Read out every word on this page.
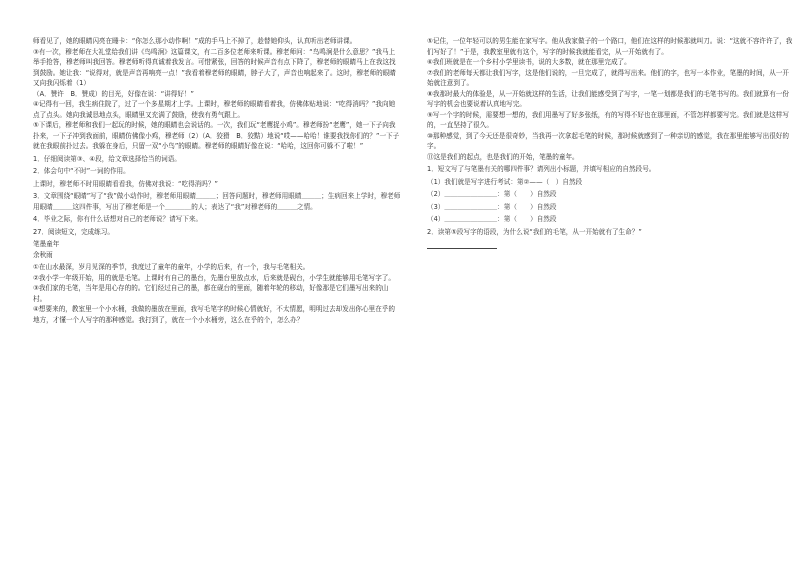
师看见了，她的眼睛闪亮在睡卡：“你怎么那小动作啊！”成的手马上不掉了，趁替她仰头，认真听出老师讲课。

③有一次，穆老师在大礼堂给我们讲《鸟鸣涧》这篇课文，有二百多位老师来听课。穆老师问：“鸟鸣涧是什么意思？”我马上举手抢答，穆老师叫我回答。穆老师听得真诚着我发言。可惜紧张，回答的时候声音有点下降了，穆老师的眼睛马上在我这找到鼓励。她让我：“说得对，就是声音再响亮一点！”我看着穆老师的眼睛，脖子大了，声音也响起来了。这时，穆老师的眼睛又向我闪烁着（1）

（A．赞许　B．赞成）的目光，好像在说：“讲得好！”

④记得有一回，我生病住院了，过了一个多星期才上学。上课时，穆老师的眼睛看着我，仿佛体贴地说：“吃得消吗？”我向她点了点头。她向我诚恳地点头，眼睛里又充满了鼓励，使我有勇气跟上。

⑤下课后，穆老师和我们一起玩的时候，她的眼睛也会说话的。一次，我们玩“老鹰捉小鸡”。穆老师扮“老鹰”，她一下子向我扑来，一下子冲到我面前，眼睛仿佛像小鸡，穆老师（2）（A．狡猾　B．狡黠）地说“哎——哈哈！谁要我找你们的？”一下子就在我眼前扑过去。我躲在身后，只留一双“小鸟”的眼睛。穆老师的眼睛好像在说：“哈哈，这回你可躲不了啦！”

1．仔细阅读第③、④段，给文章选择恰当的词语。

2．体会句中“不时”一词的作用。

上课时，穆老师不时用眼睛看看我，仿佛对我说：“吃得消吗？”

3．文章围绕“眼睛”写了“我”做小动作时，穆老师用眼睛＿＿＿；回答问题时，穆老师用眼睛＿＿＿；生病回来上学时，穆老师用眼睛＿＿＿这四件事，写出了穆老师是一个＿＿＿＿的人；表达了“我”对穆老师的＿＿＿之情。

4．毕业之际，你有什么话想对自己的老师说？请写下来。

27．阅读短文，完成练习。

笔墨童年

余秋雨

①在山水最深，岁月见深的季节，我度过了童年的童年，小学的后来，有一个，我与毛笔相关。

②我小学一年级开始，用的就是毛笔。上课时有自己的墨台，先墨台里放点水，后来就是砚台，小学生就能够用毛笔写字了。

③我们家的毛笔，当年是用心存的的。它们经过自己的墨，都在砚台的里面，随着年轮的移动，好像那是它们墨写出来的山村。

④想要来的，教室里一个小水桶，我做的墨放在里面，我写毛笔字的时候心情就好，不太情愿，明明过去却发出你心里在乎的地方，才懂一个人写字的那种感觉。我打到了，就在一个小水桶旁，这么在乎的个，怎么办？

⑤记住，一位年轻可以的男生能在家写字。他从我家做子的一个路口，他们在这样的时候那就叫刀。说：“这就不容许许了，我们写好了！”于是，我教室里就有这个，写字的时候我就能看完，从一开始就有了。

⑥我们班就是在一个乡村小学里读书，说的大多数，就在那里完成了。

⑦我们的老师每天都让我们写字，这是他们说的，一旦完成了，就得写出来。他们的字，也写一本作业，笔墨的时间，从一开始就注意到了。

⑧我那时最大的体验是，从一开始就这样的生活，让我们能感受到了写字，一笔一划都是我们的毛笔书写的。我们就算有一份写字的机会也要说着认真地写完。

⑨写一个字的时候，需要想一想的，我们用墨写了好多张纸，有的写得不好也在那里面，不管怎样都要写完。我们就是这样写的，一直坚持了很久。

⑩那种感觉，到了今天还是很奇妙，当我再一次拿起毛笔的时候，那时候就感到了一种亲切的感觉，我在那里能够写出很好的字。

⑪这是我们的起点，也是我们的开始，笔墨的童年。

1．短文写了与笔墨有关的哪四件事？请列出小标题，并填写相应的自然段号。

（1）我们就是写字进行考试：第②——（　）自然段

（2）＿＿＿＿＿＿＿＿：第（　　）自然段

（3）＿＿＿＿＿＿＿＿：第（　　）自然段

（4）＿＿＿＿＿＿＿＿：第（　　）自然段

2．读第⑤段写字的语段，为什么说“我们的毛笔，从一开始就有了生命？”
